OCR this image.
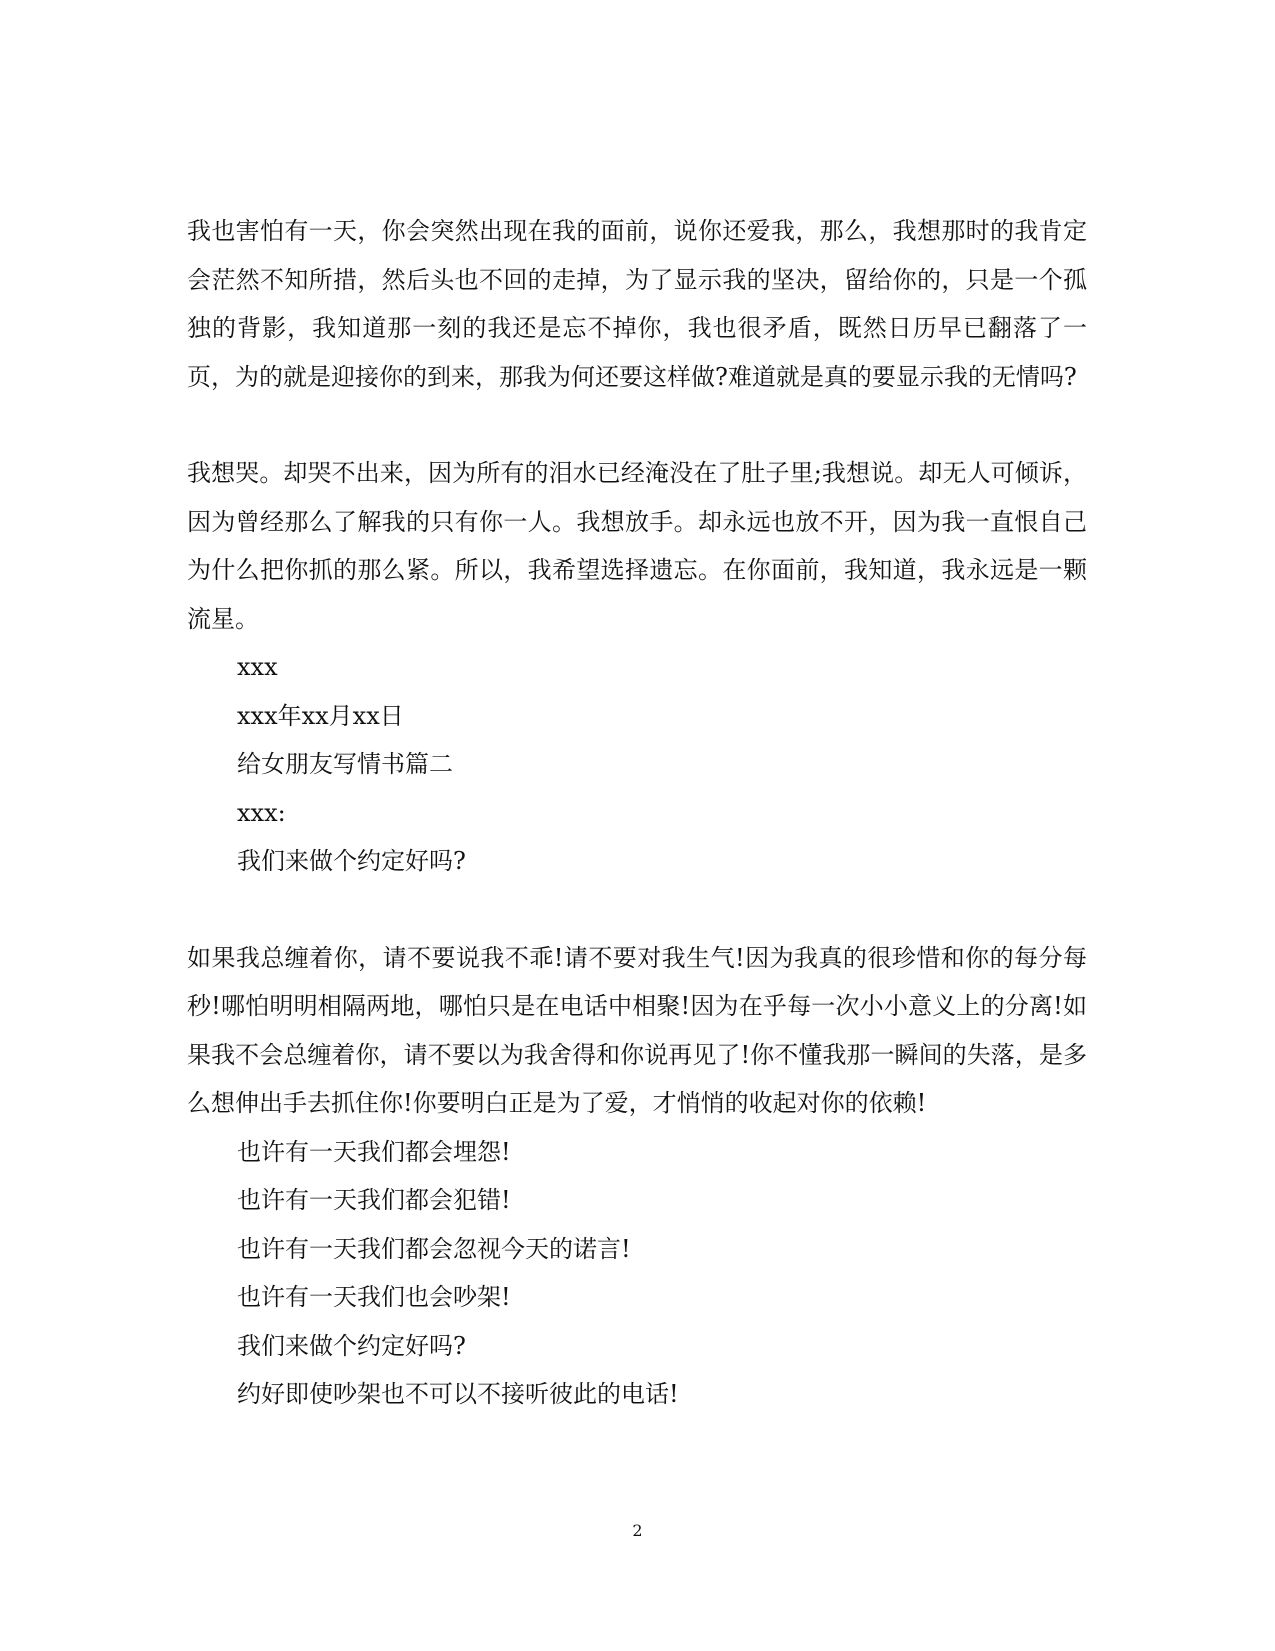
我也害怕有一天，你会突然出现在我的面前，说你还爱我，那么，我想那时的我肯定会茫然不知所措，然后头也不回的走掉，为了显示我的坚决，留给你的，只是一个孤独的背影，我知道那一刻的我还是忘不掉你，我也很矛盾，既然日历早已翻落了一页，为的就是迎接你的到来，那我为何还要这样做?难道就是真的要显示我的无情吗?

我想哭。却哭不出来，因为所有的泪水已经淹没在了肚子里;我想说。却无人可倾诉，因为曾经那么了解我的只有你一人。我想放手。却永远也放不开，因为我一直恨自己为什么把你抓的那么紧。所以，我希望选择遗忘。在你面前，我知道，我永远是一颗流星。

xxx

xxx年xx月xx日

给女朋友写情书篇二

xxx:

我们来做个约定好吗?

如果我总缠着你，请不要说我不乖!请不要对我生气!因为我真的很珍惜和你的每分每秒!哪怕明明相隔两地，哪怕只是在电话中相聚!因为在乎每一次小小意义上的分离!如果我不会总缠着你，请不要以为我舍得和你说再见了!你不懂我那一瞬间的失落，是多么想伸出手去抓住你!你要明白正是为了爱，才悄悄的收起对你的依赖!

也许有一天我们都会埋怨!

也许有一天我们都会犯错!

也许有一天我们都会忽视今天的诺言!

也许有一天我们也会吵架!

我们来做个约定好吗?

约好即使吵架也不可以不接听彼此的电话!

2
